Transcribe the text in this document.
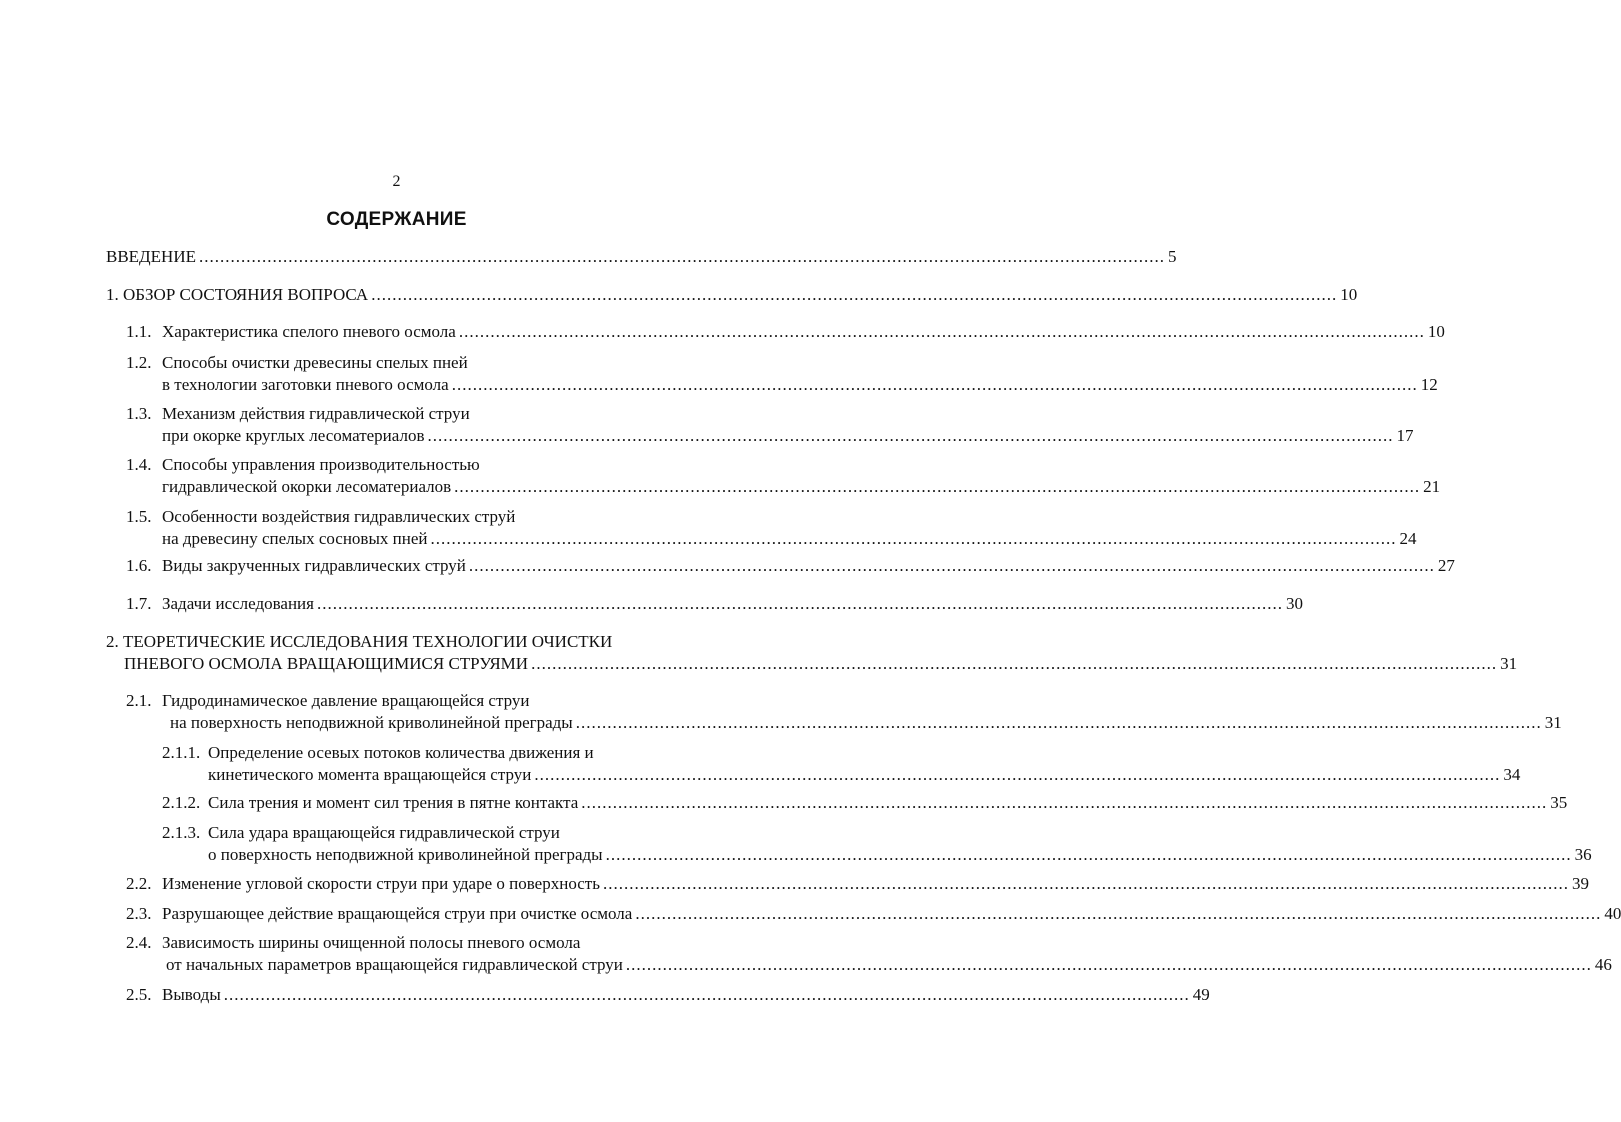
2
СОДЕРЖАНИЕ
ВВЕДЕНИЕ ........................................................................................................................................................................................ 5
1. ОБЗОР СОСТОЯНИЯ ВОПРОСА ........................................................................................................................................................................................ 10
1.1. Характеристика спелого пневого осмола ........................................................................................................................................................................................ 10
1.2. Способы очистки древесины спелых пней
в технологии заготовки пневого осмола ........................................................................................................................................................................................ 12
1.3. Механизм действия гидравлической струи
при окорке круглых лесоматериалов ........................................................................................................................................................................................ 17
1.4. Способы управления производительностью
гидравлической окорки лесоматериалов ........................................................................................................................................................................................ 21
1.5. Особенности воздействия гидравлических струй
на древесину спелых сосновых пней ........................................................................................................................................................................................ 24
1.6. Виды закрученных гидравлических струй ........................................................................................................................................................................................ 27
1.7. Задачи исследования ........................................................................................................................................................................................ 30
2. ТЕОРЕТИЧЕСКИЕ ИССЛЕДОВАНИЯ ТЕХНОЛОГИИ ОЧИСТКИ
ПНЕВОГО ОСМОЛА ВРАЩАЮЩИМИСЯ СТРУЯМИ ........................................................................................................................................................................................ 31
2.1. Гидродинамическое давление вращающейся струи
на поверхность неподвижной криволинейной преграды ........................................................................................................................................................................................ 31
2.1.1. Определение осевых потоков количества движения и
кинетического момента вращающейся струи ........................................................................................................................................................................................ 34
2.1.2. Сила трения и момент сил трения в пятне контакта ........................................................................................................................................................................................ 35
2.1.3. Сила удара вращающейся гидравлической струи
о поверхность неподвижной криволинейной преграды ........................................................................................................................................................................................ 36
2.2. Изменение угловой скорости струи при ударе о поверхность ........................................................................................................................................................................................ 39
2.3. Разрушающее действие вращающейся струи при очистке осмола ........................................................................................................................................................................................ 40
2.4. Зависимость ширины очищенной полосы пневого осмола
от начальных параметров вращающейся гидравлической струи ........................................................................................................................................................................................ 46
2.5. Выводы ........................................................................................................................................................................................ 49
